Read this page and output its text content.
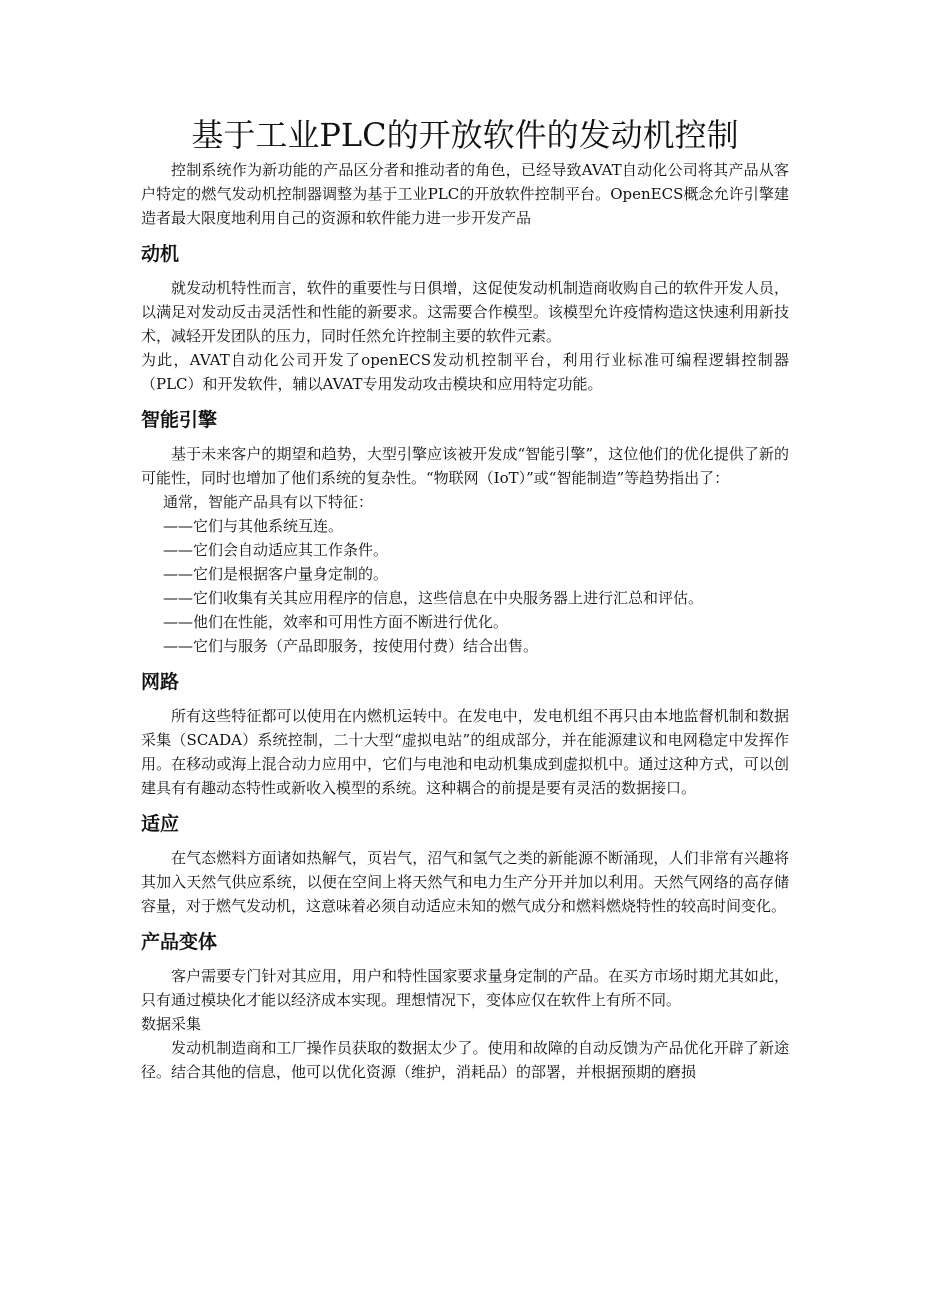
基于工业PLC的开放软件的发动机控制

控制系统作为新功能的产品区分者和推动者的角色，已经导致AVAT自动化公司将其产品从客户特定的燃气发动机控制器调整为基于工业PLC的开放软件控制平台。OpenECS概念允许引擎建造者最大限度地利用自己的资源和软件能力进一步开发产品

动机

就发动机特性而言，软件的重要性与日俱增，这促使发动机制造商收购自己的软件开发人员，以满足对发动反击灵活性和性能的新要求。这需要合作模型。该模型允许疫情构造这快速利用新技术，减轻开发团队的压力，同时任然允许控制主要的软件元素。

为此，AVAT自动化公司开发了openECS发动机控制平台，利用行业标准可编程逻辑控制器（PLC）和开发软件，辅以AVAT专用发动攻击模块和应用特定功能。

智能引擎

基于未来客户的期望和趋势，大型引擎应该被开发成“智能引擎”，这位他们的优化提供了新的可能性，同时也增加了他们系统的复杂性。“物联网（IoT）”或“智能制造”等趋势指出了：

通常，智能产品具有以下特征：

——它们与其他系统互连。

——它们会自动适应其工作条件。

——它们是根据客户量身定制的。

——它们收集有关其应用程序的信息，这些信息在中央服务器上进行汇总和评估。

——他们在性能，效率和可用性方面不断进行优化。

——它们与服务（产品即服务，按使用付费）结合出售。

网路

所有这些特征都可以使用在内燃机运转中。在发电中，发电机组不再只由本地监督机制和数据采集（SCADA）系统控制，二十大型“虚拟电站”的组成部分，并在能源建议和电网稳定中发挥作用。在移动或海上混合动力应用中，它们与电池和电动机集成到虚拟机中。通过这种方式，可以创建具有有趣动态特性或新收入模型的系统。这种耦合的前提是要有灵活的数据接口。

适应

在气态燃料方面诸如热解气，页岩气，沼气和氢气之类的新能源不断涌现，人们非常有兴趣将其加入天然气供应系统，以便在空间上将天然气和电力生产分开并加以利用。天然气网络的高存储容量，对于燃气发动机，这意味着必须自动适应未知的燃气成分和燃料燃烧特性的较高时间变化。

产品变体

客户需要专门针对其应用，用户和特性国家要求量身定制的产品。在买方市场时期尤其如此，只有通过模块化才能以经济成本实现。理想情况下，变体应仅在软件上有所不同。

数据采集

发动机制造商和工厂操作员获取的数据太少了。使用和故障的自动反馈为产品优化开辟了新途径。结合其他的信息，他可以优化资源（维护，消耗品）的部署，并根据预期的磨损
